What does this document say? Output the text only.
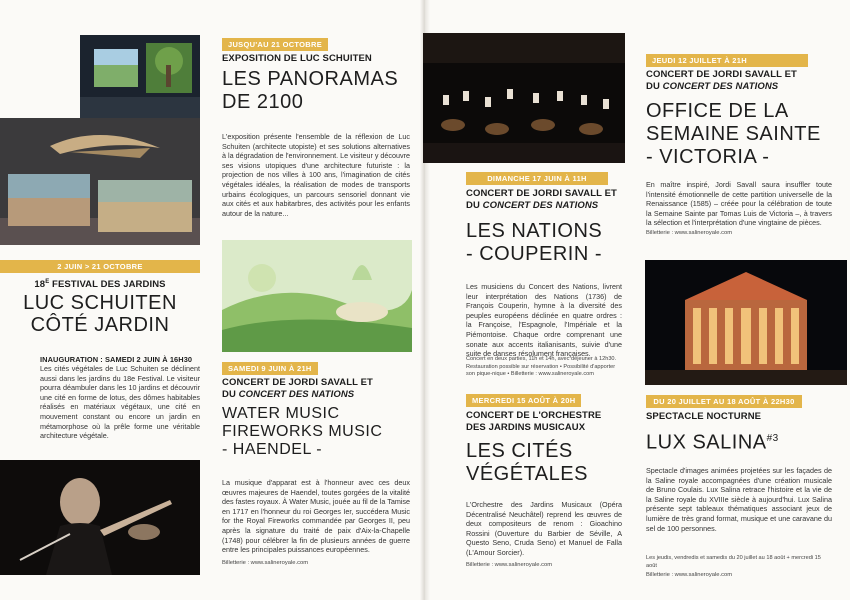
JUSQU'AU 21 OCTOBRE
EXPOSITION DE LUC SCHUITEN
LES PANORAMAS
DE 2100
L'exposition présente l'ensemble de la réflexion de Luc Schuiten (architecte utopiste) et ses solutions alternatives à la dégradation de l'environnement. Le visiteur y découvre ses visions utopiques d'une architecture futuriste : la projection de nos villes à 100 ans, l'imagination de cités végétales idéales, la réalisation de modes de transports urbains écologiques, un parcours sensoriel donnant vie aux cités et aux habitarbres, des activités pour les enfants autour de la nature...
2 JUIN > 21 OCTOBRE
$18^E$ FESTIVAL DES JARDINS
LUC SCHUITEN
CÔTÉ JARDIN
INAUGURATION : SAMEDI 2 JUIN À 16H30
Les cités végétales de Luc Schuiten se déclinent aussi dans les jardins du 18e Festival. Le visiteur pourra déambuler dans les 10 jardins et découvrir une cité en forme de lotus, des dômes habitables réalisés en matériaux végétaux, une cité en mouvement constant ou encore un jardin en métamorphose où la prêle forme une véritable architecture végétale.
SAMEDI 9 JUIN À 21H
CONCERT DE JORDI SAVALL ET
DU CONCERT DES NATIONS
WATER MUSIC
FIREWORKS MUSIC
- HAENDEL -
La musique d'apparat est à l'honneur avec ces deux œuvres majeures de Haendel, toutes gorgées de la vitalité des fastes royaux. À Water Music, jouée au fil de la Tamise en 1717 en l'honneur du roi Georges Ier, succédera Music for the Royal Fireworks commandée par Georges II, peu après la signature du traité de paix d'Aix-la-Chapelle (1748) pour célébrer la fin de plusieurs années de guerre entre les principales puissances européennes.
Billetterie : www.salineroyale.com
JEUDI 12 JUILLET À 21H
CONCERT DE JORDI SAVALL ET
DU CONCERT DES NATIONS
OFFICE DE LA
SEMAINE SAINTE
- VICTORIA -
En maître inspiré, Jordi Savall saura insuffler toute l'intensité émotionnelle de cette partition universelle de la Renaissance (1585) – créée pour la célébration de toute la Semaine Sainte par Tomas Luis de Victoria –, à travers la sélection et l'interprétation d'une vingtaine de pièces.
Billetterie : www.salineroyale.com
DIMANCHE 17 JUIN À 11H
CONCERT DE JORDI SAVALL ET
DU CONCERT DES NATIONS
LES NATIONS
- COUPERIN -
Les musiciens du Concert des Nations, livrent leur interprétation des Nations (1736) de François Couperin, hymne à la diversité des peuples européens déclinée en quatre ordres : la Françoise, l'Espagnole, l'Impériale et la Piémontoise. Chaque ordre comprenant une sonate aux accents italianisants, suivie d'une suite de danses résolument françaises.
Concert en deux parties, 11h et 14h, avec déjeuner à 12h30. Restauration possible sur réservation • Possibilité d'apporter son pique-nique • Billetterie : www.salineroyale.com
MERCREDI 15 AOÛT À 20H
CONCERT DE L'ORCHESTRE
DES JARDINS MUSICAUX
LES CITÉS
VÉGÉTALES
L'Orchestre des Jardins Musicaux (Opéra Décentralisé Neuchâtel) reprend les œuvres de deux compositeurs de renom : Gioachino Rossini (Ouverture du Barbier de Séville, A Questo Seno, Cruda Seno) et Manuel de Falla (L'Amour Sorcier).
Billetterie : www.salineroyale.com
DU 20 JUILLET AU 18 AOÛT À 22H30
SPECTACLE NOCTURNE
LUX SALINA$^{\#3}$
Spectacle d'images animées projetées sur les façades de la Saline royale accompagnées d'une création musicale de Bruno Coulais. Lux Salina retrace l'histoire et la vie de la Saline royale du XVIIIe siècle à aujourd'hui. Lux Salina présente sept tableaux thématiques associant jeux de lumière de très grand format, musique et une caravane du sel de 100 personnes.
Les jeudis, vendredis et samedis du 20 juillet au 18 août + mercredi 15 août
Billetterie : www.salineroyale.com
